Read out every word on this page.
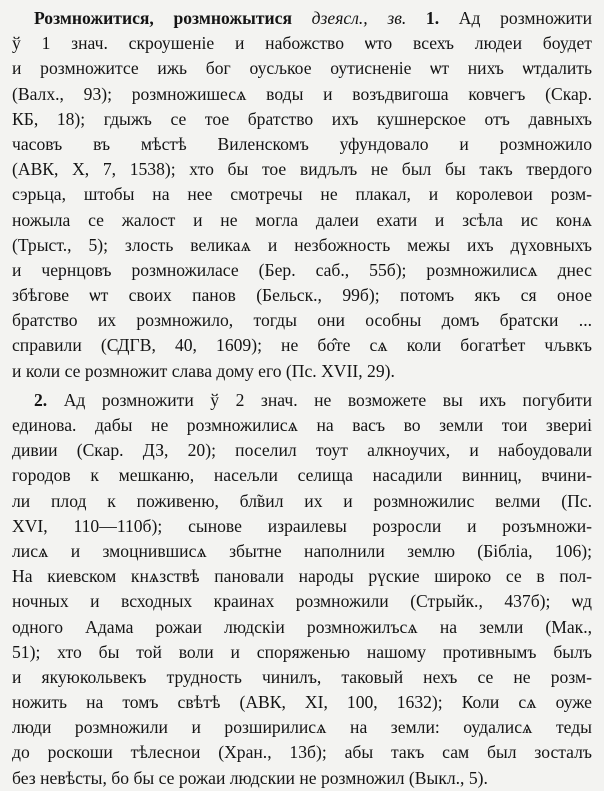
Розмножитися, розмножытися дзеясл., зв. 1. Ад розмножити
ў 1 знач. скроушеніе и набожство ѡто всехъ людеи боудет
и розмножитсе ижь бог оусљкое оутисненіе ѡт нихъ ѡтдалить
(Валх., 93); розмножишесѧ воды и возъдвигоша ковчегъ (Скар.
КБ, 18); гдыжъ се тое братство ихъ кушнерское отъ давныхъ
часовъ въ мѣстѣ Виленскомъ уфундовало и розмножило
(АВК, X, 7, 1538); хто бы тое видљлъ не был бы такъ твердого
сэрьца, штобы на нее смотречы не плакал, и королевои розм-
ножыла се жалост и не могла далеи ехати и зсѣла ис конѧ
(Трыст., 5); злость великаѧ и незбожность межы ихъ дүховныхъ
и чернцовъ розмножиласе (Бер. саб., 55б); розмножилисѧ днес
збѣгове ѡт своих панов (Бельск., 99б); потомъ якъ ся оное
братство их розмножило, тогды они особны домъ братски ...
справили (СДГВ, 40, 1609); не бо̂те сѧ коли богатѣет чљвкъ
и коли се розмножит слава дому его (Пс. XVII, 29).
2. Ад розмножити ў 2 знач. не возможете вы ихъ погубити
единова. дабы не розмножилисѧ на васъ во земли тои звериі
дивии (Скар. ДЗ, 20); поселил тоут алкноучих, и набоудовали
городов к мешканю, насељли селища насадили винниц, вчини-
ли плод к поживеню, бл̃вил их и розмножилис велми (Пс.
XVI, 110—110б); сынове израилевы розросли и розъмножи-
лисѧ и змоцнившисѧ збытне наполнили землю (Бібліа, 106);
На киевском кнѧзствѣ пановали народы рүские широко се в пол-
ночных и всходных краинах розмножили (Стрыйк., 437б); ѡд
одного Адама рожаи людскіи розмножилъсѧ на земли (Мак.,
51); хто бы той воли и споряженью нашому противнымъ былъ
и якуюкольвекъ трудность чинилъ, таковый нехъ се не розм-
ножить на томъ свѣтѣ (АВК, XI, 100, 1632); Коли сѧ оуже
люди розмножили и розширилисѧ на земли: оудалисѧ теды
до роскоши тѣлеснои (Хран., 13б); абы такъ сам был зосталъ
без невѣсты, бо бы се рожаи людскии не розмножил (Выкл., 5).
